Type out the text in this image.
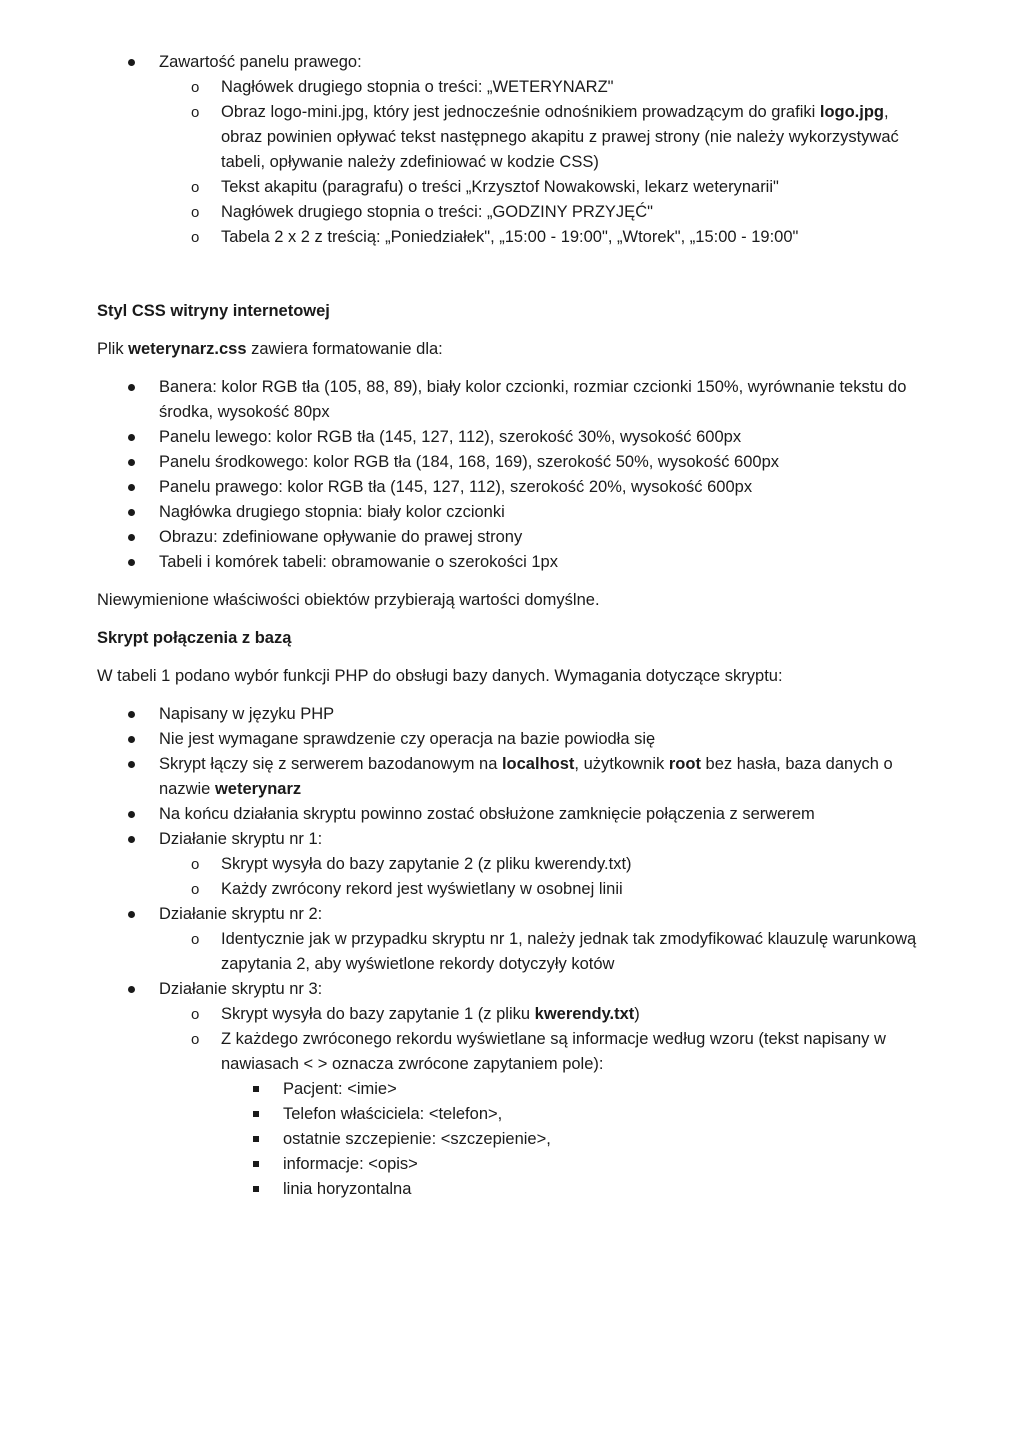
Zawartość panelu prawego:
o Nagłówek drugiego stopnia o treści: „WETERYNARZ"
o Obraz logo-mini.jpg, który jest jednocześnie odnośnikiem prowadzącym do grafiki logo.jpg, obraz powinien opływać tekst następnego akapitu z prawej strony (nie należy wykorzystywać tabeli, opływanie należy zdefiniować w kodzie CSS)
o Tekst akapitu (paragrafu) o treści „Krzysztof Nowakowski, lekarz weterynarii"
o Nagłówek drugiego stopnia o treści: „GODZINY PRZYJĘĆ"
o Tabela 2 x 2 z treścią: „Poniedziałek", „15:00 - 19:00", „Wtorek", „15:00 - 19:00"

Styl CSS witryny internetowej

Plik weterynarz.css zawiera formatowanie dla:

Banera: kolor RGB tła (105, 88, 89), biały kolor czcionki, rozmiar czcionki 150%, wyrównanie tekstu do środka, wysokość 80px
Panelu lewego: kolor RGB tła (145, 127, 112), szerokość 30%, wysokość 600px
Panelu środkowego: kolor RGB tła (184, 168, 169), szerokość 50%, wysokość 600px
Panelu prawego: kolor RGB tła (145, 127, 112), szerokość 20%, wysokość 600px
Nagłówka drugiego stopnia: biały kolor czcionki
Obrazu: zdefiniowane opływanie do prawej strony
Tabeli i komórek tabeli: obramowanie o szerokości 1px

Niewymienione właściwości obiektów przybierają wartości domyślne.

Skrypt połączenia z bazą

W tabeli 1 podano wybór funkcji PHP do obsługi bazy danych. Wymagania dotyczące skryptu:

Napisany w języku PHP
Nie jest wymagane sprawdzenie czy operacja na bazie powiodła się
Skrypt łączy się z serwerem bazodanowym na localhost, użytkownik root bez hasła, baza danych o nazwie weterynarz
Na końcu działania skryptu powinno zostać obsłużone zamknięcie połączenia z serwerem
Działanie skryptu nr 1:
o Skrypt wysyła do bazy zapytanie 2 (z pliku kwerendy.txt)
o Każdy zwrócony rekord jest wyświetlany w osobnej linii
Działanie skryptu nr 2:
o Identycznie jak w przypadku skryptu nr 1, należy jednak tak zmodyfikować klauzulę warunkową zapytania 2, aby wyświetlone rekordy dotyczyły kotów
Działanie skryptu nr 3:
o Skrypt wysyła do bazy zapytanie 1 (z pliku kwerendy.txt)
o Z każdego zwróconego rekordu wyświetlane są informacje według wzoru (tekst napisany w nawiasach < > oznacza zwrócone zapytaniem pole):
Pacjent: <imie>
Telefon właściciela: <telefon>,
ostatnie szczepienie: <szczepienie>,
informacje: <opis>
linia horyzontalna
